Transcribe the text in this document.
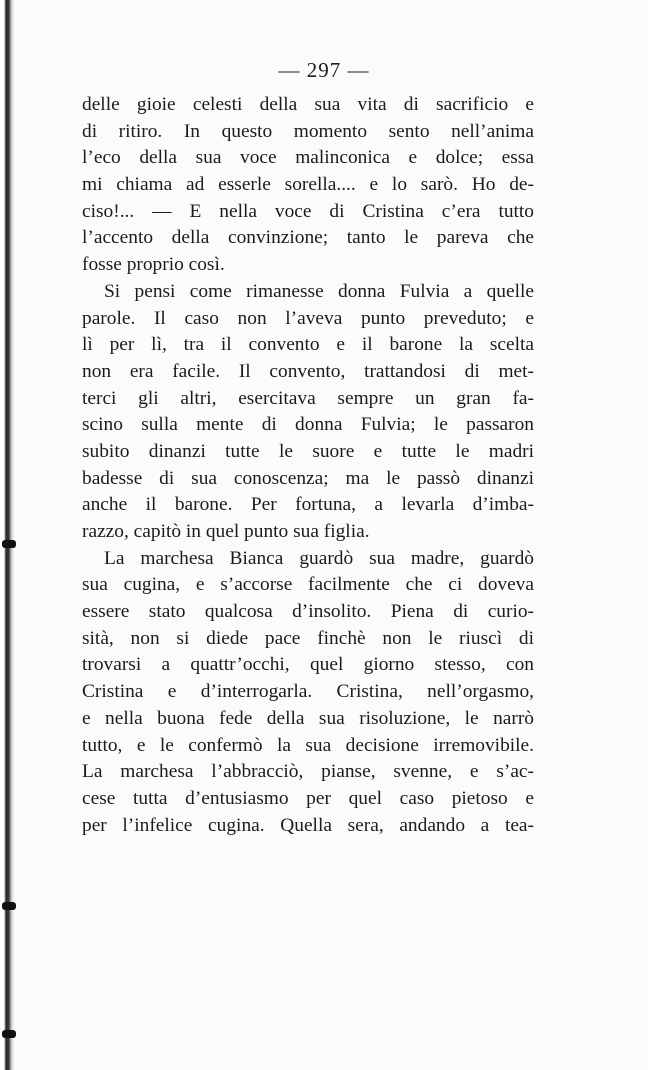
— 297 —
delle gioie celesti della sua vita di sacrificio e
di ritiro. In questo momento sento nell’anima
l’eco della sua voce malinconica e dolce; essa
mi chiama ad esserle sorella.... e lo sarò. Ho de-
ciso!... — E nella voce di Cristina c’era tutto
l’accento della convinzione; tanto le pareva che
fosse proprio così.
Si pensi come rimanesse donna Fulvia a quelle
parole. Il caso non l’aveva punto preveduto; e
lì per lì, tra il convento e il barone la scelta
non era facile. Il convento, trattandosi di met-
terci gli altri, esercitava sempre un gran fa-
scino sulla mente di donna Fulvia; le passaron
subito dinanzi tutte le suore e tutte le madri
badesse di sua conoscenza; ma le passò dinanzi
anche il barone. Per fortuna, a levarla d’imba-
razzo, capitò in quel punto sua figlia.
La marchesa Bianca guardò sua madre, guardò
sua cugina, e s’accorse facilmente che ci doveva
essere stato qualcosa d’insolito. Piena di curio-
sità, non si diede pace finchè non le riuscì di
trovarsi a quattr’occhi, quel giorno stesso, con
Cristina e d’interrogarla. Cristina, nell’orgasmo,
e nella buona fede della sua risoluzione, le narrò
tutto, e le confermò la sua decisione irremovibile.
La marchesa l’abbracciò, pianse, svenne, e s’ac-
cese tutta d’entusiasmo per quel caso pietoso e
per l’infelice cugina. Quella sera, andando a tea-
